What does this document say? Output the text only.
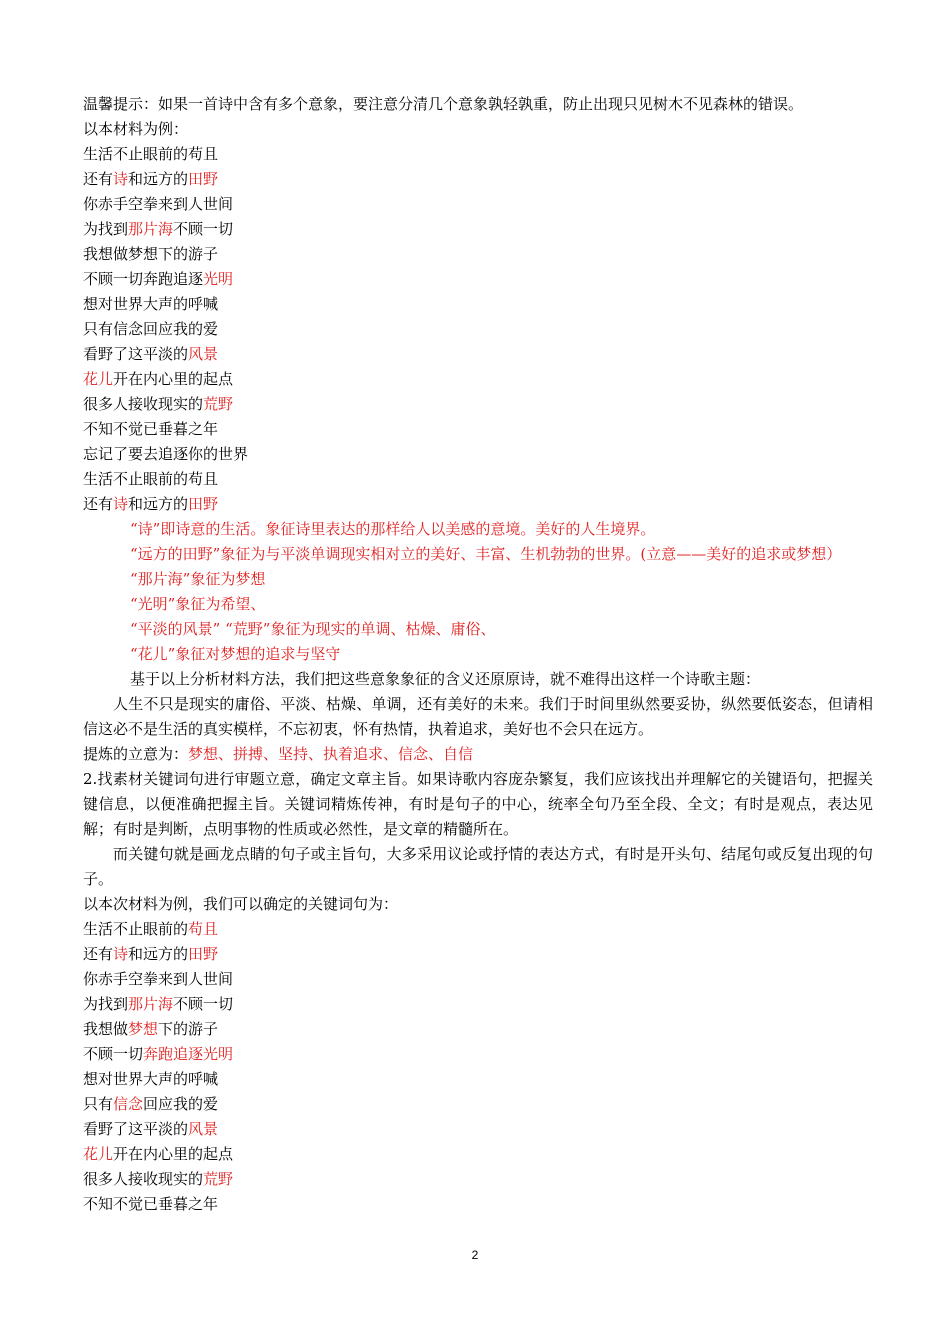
温馨提示：如果一首诗中含有多个意象，要注意分清几个意象孰轻孰重，防止出现只见树木不见森林的错误。
以本材料为例：
生活不止眼前的苟且
还有诗和远方的田野
你赤手空拳来到人世间
为找到那片海不顾一切
我想做梦想下的游子
不顾一切奔跑追逐光明
想对世界大声的呼喊
只有信念回应我的爱
看野了这平淡的风景
花儿开在内心里的起点
很多人接收现实的荒野
不知不觉已垂暮之年
忘记了要去追逐你的世界
生活不止眼前的苟且
还有诗和远方的田野
“诗”即诗意的生活。象征诗里表达的那样给人以美感的意境。美好的人生境界。
“远方的田野”象征为与平淡单调现实相对立的美好、丰富、生机勃勃的世界。(立意——美好的追求或梦想）
“那片海”象征为梦想
“光明”象征为希望、
“平淡的风景” “荒野”象征为现实的单调、枯燥、庸俗、
“花儿”象征对梦想的追求与坚守
基于以上分析材料方法，我们把这些意象象征的含义还原原诗，就不难得出这样一个诗歌主题：
人生不只是现实的庸俗、平淡、枯燥、单调，还有美好的未来。我们于时间里纵然要妥协，纵然要低姿态，但请相信这必不是生活的真实模样，不忘初衷，怀有热情，执着追求，美好也不会只在远方。
提炼的立意为：梦想、拼搏、坚持、执着追求、信念、自信
2.找素材关键词句进行审题立意，确定文章主旨。如果诗歌内容庞杂繁复，我们应该找出并理解它的关键语句，把握关键信息，以便准确把握主旨。关键词精炼传神，有时是句子的中心，统率全句乃至全段、全文；有时是观点，表达见解；有时是判断，点明事物的性质或必然性，是文章的精髓所在。
而关键句就是画龙点睛的句子或主旨句，大多采用议论或抒情的表达方式，有时是开头句、结尾句或反复出现的句子。
以本次材料为例，我们可以确定的关键词句为：
生活不止眼前的苟且
还有诗和远方的田野
你赤手空拳来到人世间
为找到那片海不顾一切
我想做梦想下的游子
不顾一切奔跑追逐光明
想对世界大声的呼喊
只有信念回应我的爱
看野了这平淡的风景
花儿开在内心里的起点
很多人接收现实的荒野
不知不觉已垂暮之年
2
